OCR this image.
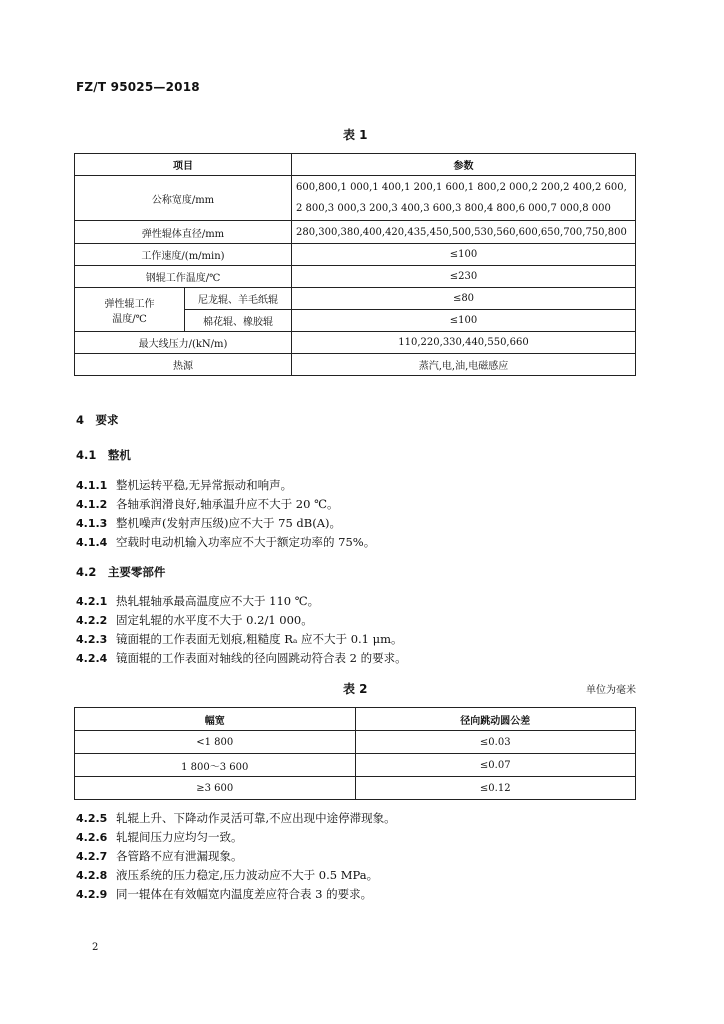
FZ/T 95025—2018
表 1
项目		参数
公称宽度/mm		600,800,1 000,1 400,1 200,1 600,1 800,2 000,2 200,2 400,2 600,
2 800,3 000,3 200,3 400,3 600,3 800,4 800,6 000,7 000,8 000

弹性辊体直径/mm		280,300,380,400,420,435,450,500,530,560,600,650,700,750,800
工作速度/(m/min)		≤100
钢辊工作温度/℃		≤230

弹性辊工作
温度/℃	尼龙辊、羊毛纸辊	≤80
	棉花辊、橡胶辊	≤100
最大线压力/(kN/m)		110,220,330,440,550,660
热源		蒸汽,电,油,电磁感应
4　要求
4.1　整机
4.1.1 整机运转平稳,无异常振动和响声。
4.1.2 各轴承润滑良好,轴承温升应不大于 20 ℃。
4.1.3 整机噪声(发射声压级)应不大于 75 dB(A)。
4.1.4 空载时电动机输入功率应不大于额定功率的 75%。
4.2　主要零部件
4.2.1 热轧辊轴承最高温度应不大于 110 ℃。
4.2.2 固定轧辊的水平度不大于 0.2/1 000。
4.2.3 镜面辊的工作表面无划痕,粗糙度 Rₐ 应不大于 0.1 μm。
4.2.4 镜面辊的工作表面对轴线的径向圆跳动符合表 2 的要求。
表 2	单位为毫米
幅宽	径向跳动圆公差
<1 800	≤0.03
1 800～3 600	≤0.07
≥3 600	≤0.12
4.2.5 轧辊上升、下降动作灵活可靠,不应出现中途停滞现象。
4.2.6 轧辊间压力应均匀一致。
4.2.7 各管路不应有泄漏现象。
4.2.8 液压系统的压力稳定,压力波动应不大于 0.5 MPa。
4.2.9 同一辊体在有效幅宽内温度差应符合表 3 的要求。
2
